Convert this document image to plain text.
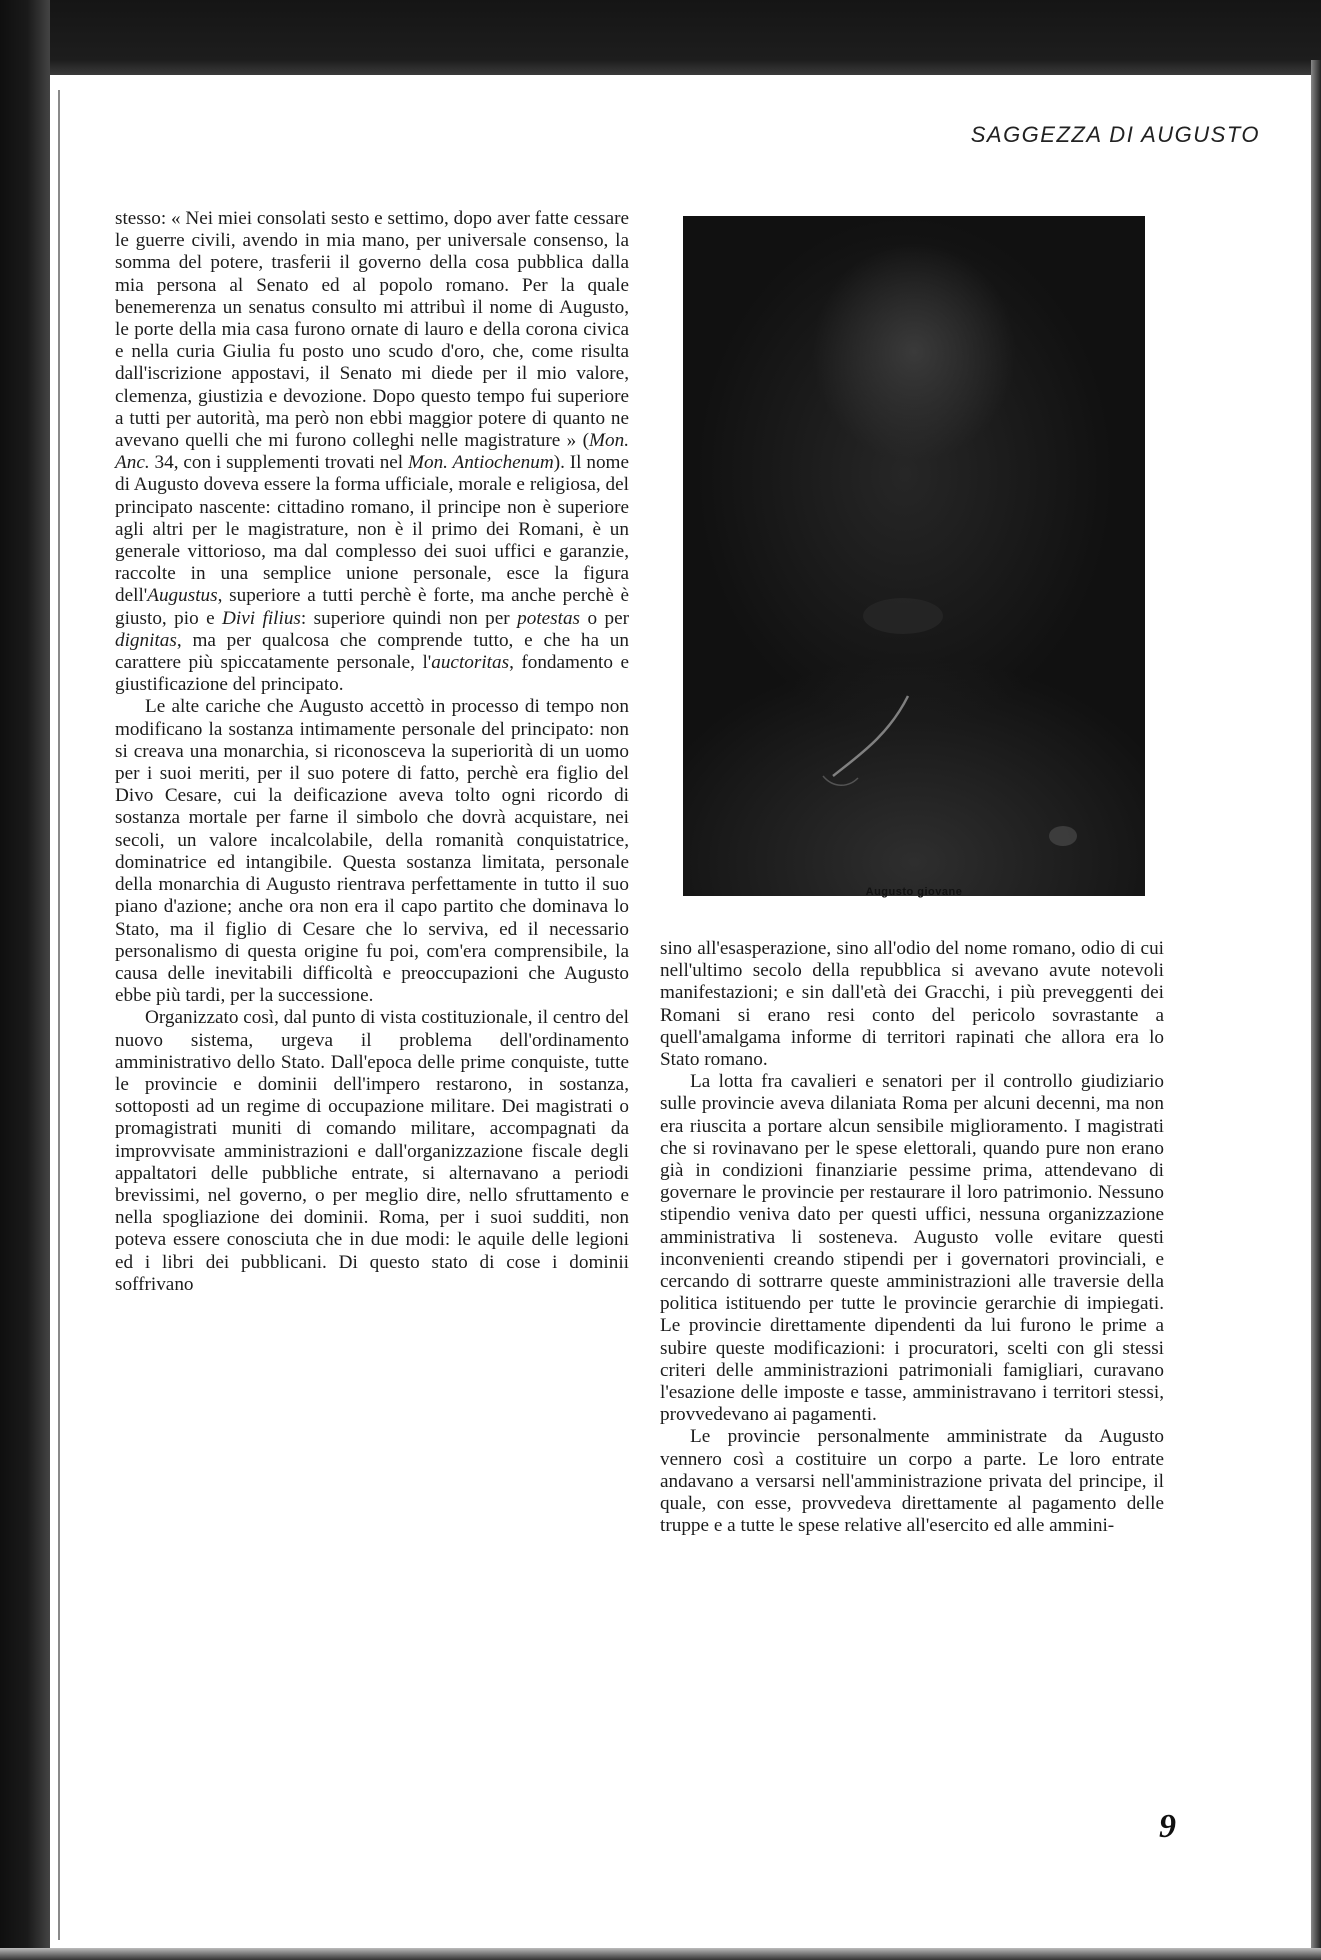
SAGGEZZA DI AUGUSTO

stesso: « Nei miei consolati sesto e settimo, dopo aver fatte cessare le guerre civili, avendo in mia mano, per universale consenso, la somma del potere, trasferii il governo della cosa pubblica dalla mia persona al Senato ed al popolo romano. Per la quale benemerenza un senatus consulto mi attribuì il nome di Augusto, le porte della mia casa furono ornate di lauro e della corona civica e nella curia Giulia fu posto uno scudo d'oro, che, come risulta dall'iscrizione appostavi, il Senato mi diede per il mio valore, clemenza, giustizia e devozione. Dopo questo tempo fui superiore a tutti per autorità, ma però non ebbi maggior potere di quanto ne avevano quelli che mi furono colleghi nelle magistrature » (Mon. Anc. 34, con i supplementi trovati nel Mon. Antiochenum). Il nome di Augusto doveva essere la forma ufficiale, morale e religiosa, del principato nascente: cittadino romano, il principe non è superiore agli altri per le magistrature, non è il primo dei Romani, è un generale vittorioso, ma dal complesso dei suoi uffici e garanzie, raccolte in una semplice unione personale, esce la figura dell'Augustus, superiore a tutti perchè è forte, ma anche perchè è giusto, pio e Divi filius: superiore quindi non per potestas o per dignitas, ma per qualcosa che comprende tutto, e che ha un carattere più spiccatamente personale, l'auctoritas, fondamento e giustificazione del principato.

Le alte cariche che Augusto accettò in processo di tempo non modificano la sostanza intimamente personale del principato: non si creava una monarchia, si riconosceva la superiorità di un uomo per i suoi meriti, per il suo potere di fatto, perchè era figlio del Divo Cesare, cui la deificazione aveva tolto ogni ricordo di sostanza mortale per farne il simbolo che dovrà acquistare, nei secoli, un valore incalcolabile, della romanità conquistatrice, dominatrice ed intangibile. Questa sostanza limitata, personale della monarchia di Augusto rientrava perfettamente in tutto il suo piano d'azione; anche ora non era il capo partito che dominava lo Stato, ma il figlio di Cesare che lo serviva, ed il necessario personalismo di questa origine fu poi, com'era comprensibile, la causa delle inevitabili difficoltà e preoccupazioni che Augusto ebbe più tardi, per la successione.

Organizzato così, dal punto di vista costituzionale, il centro del nuovo sistema, urgeva il problema dell'ordinamento amministrativo dello Stato. Dall'epoca delle prime conquiste, tutte le provincie e dominii dell'impero restarono, in sostanza, sottoposti ad un regime di occupazione militare. Dei magistrati o promagistrati muniti di comando militare, accompagnati da improvvisate amministrazioni e dall'organizzazione fiscale degli appaltatori delle pubbliche entrate, si alternavano a periodi brevissimi, nel governo, o per meglio dire, nello sfruttamento e nella spogliazione dei dominii. Roma, per i suoi sudditi, non poteva essere conosciuta che in due modi: le aquile delle legioni ed i libri dei pubblicani. Di questo stato di cose i dominii soffrivano

Augusto giovane

sino all'esasperazione, sino all'odio del nome romano, odio di cui nell'ultimo secolo della repubblica si avevano avute notevoli manifestazioni; e sin dall'età dei Gracchi, i più preveggenti dei Romani si erano resi conto del pericolo sovrastante a quell'amalgama informe di territori rapinati che allora era lo Stato romano.

La lotta fra cavalieri e senatori per il controllo giudiziario sulle provincie aveva dilaniata Roma per alcuni decenni, ma non era riuscita a portare alcun sensibile miglioramento. I magistrati che si rovinavano per le spese elettorali, quando pure non erano già in condizioni finanziarie pessime prima, attendevano di governare le provincie per restaurare il loro patrimonio. Nessuno stipendio veniva dato per questi uffici, nessuna organizzazione amministrativa li sosteneva. Augusto volle evitare questi inconvenienti creando stipendi per i governatori provinciali, e cercando di sottrarre queste amministrazioni alle traversie della politica istituendo per tutte le provincie gerarchie di impiegati. Le provincie direttamente dipendenti da lui furono le prime a subire queste modificazioni: i procuratori, scelti con gli stessi criteri delle amministrazioni patrimoniali famigliari, curavano l'esazione delle imposte e tasse, amministravano i territori stessi, provvedevano ai pagamenti.

Le provincie personalmente amministrate da Augusto vennero così a costituire un corpo a parte. Le loro entrate andavano a versarsi nell'amministrazione privata del principe, il quale, con esse, provvedeva direttamente al pagamento delle truppe e a tutte le spese relative all'esercito ed alle ammini-

9
